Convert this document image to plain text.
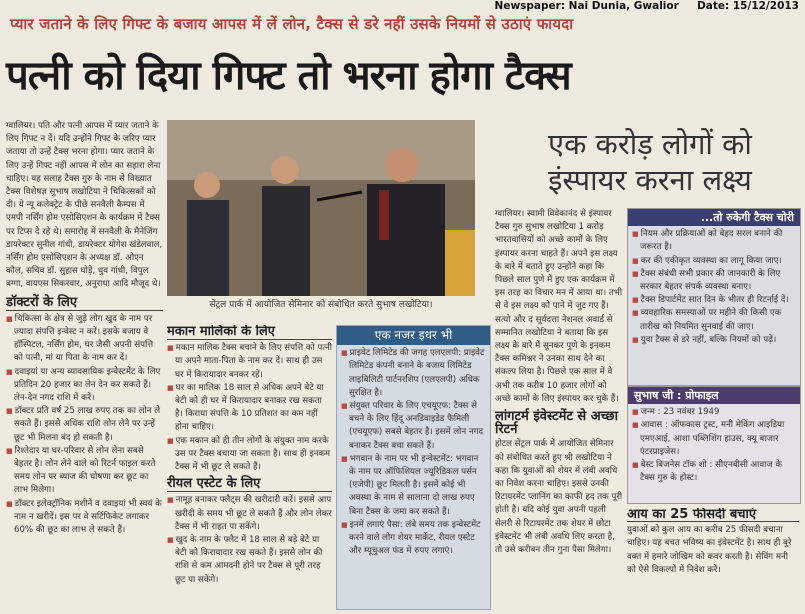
Newspaper: Nai Dunia, Gwalior Date: 15/12/2013
प्यार जताने के लिए गिफ्ट के बजाय आपस में लें लोन, टैक्स से डरे नहीं उसके नियमों से उठाएं फायदा
पत्नी को दिया गिफ्ट तो भरना होगा टैक्स

ग्वालियर। पति और पत्नी आपस में प्यार जताने के लिए गिफ्ट न दें। यदि उन्होंने गिफ्ट के जरिए प्यार जताया तो उन्हें टैक्स भरना होगा। प्यार जताने के लिए उन्हें गिफ्ट नहीं आपस में लोन का सहारा लेना चाहिए। यह सलाह टैक्स गुरु के नाम से विख्यात टैक्स विशेषज्ञ सुभाष लखोटिया ने चिकित्सकों को दी। ये न्यू कलेक्ट्रेट के पीछे सनवैली कैम्पस में एमपी नर्सिंग होम एसोसिएशन के कार्यक्रम में टैक्स पर टिप्स दे रहे थे। समारोह में सनवैली के मैनेजिंग डायरेक्टर सुनील गांधी, डायरेक्टर योगेश खंडेलवाल, नर्सिंग होम एसोसिएशन के अध्यक्ष डॉ. ओएन कौल, सचिव डॉ. सुहास घोड़े, धुव गांधी, विपुल बग्गा, वायएस सिकरवार, अनुराधा आदि मौजूद थे।

डॉक्टरों के लिए

■ चिकित्सा के क्षेत्र से जुड़े लोग खुद के नाम पर ज्यादा संपत्ति इन्वेस्ट न करें। इसके बजाय वे हॉस्पिटल, नर्सिंग होम, घर जैसी अपनी संपत्ति को पत्नी, मां या पिता के नाम कर दें।

■ दवाइयां या अन्य व्यावसायिक इन्वेस्टमेंट के लिए प्रतिदिन 20 हजार का लेन देन कर सकते हैं। लेन-देन नगद राशि में करें।

■ डॉक्टर प्रति वर्ष 25 लाख रुपए तक का लोन ले सकते हैं। इससे अधिक राशि लोन लेने पर उन्हें छूट भी मिलना बंद हो सकती है।

■ रिश्तेदार या घर-परिवार से लोन लेना सबसे बेहतर है। लोन लेने वाले को रिटर्न फाइल करते समय लोन पर ब्याज की घोषणा कर छूट का लाभ मिलेगा।

■ डॉक्टर इलेक्ट्रॉनिक मशीनें व दवाइयां भी स्वयं के नाम न खरीदें। इस पर वे सर्टिफिकेट लगाकर 60% की छूट का लाभ ले सकते हैं।

सेंट्रल पार्क में आयोजित सेमिनार को संबोधित करते सुभाष लखोटिया।
एक करोड़ लोगों को
इंस्पायर करना लक्ष्य
मकान मालिकों के लिए

■ मकान मालिक टैक्स बचाने के लिए संपत्ति को पत्नी या अपने माता-पिता के नाम कर दें। साथ ही उस घर में किरायादार बनकर रहें।

■ घर का मालिक 18 साल से अधिक अपने बेटे या बेटी को ही घर में किरायादार बनाकर रख सकता है। किराया संपत्ति के 10 प्रतिशत का कम नहीं होना चाहिए।

■ एक मकान को ही तीन लोगों के संयुक्त नाम करके उस पर टैक्स बचाया जा सकता है। साथ ही इनकम टैक्स में भी छूट ले सकते हैं।

रीयल एस्टेट के लिए

■ नामूह बनाकर फ्लैट्स की खरीदारी करें। इससे आप खरीदी के समय भी छूट ले सकते हैं और लोन लेकर टैक्स में भी राहत पा सकेंगे।

■ खुद के नाम के फ्लैट में 18 साल से बड़े बेटे या बेटी को किरायादार रख सकते हैं। इससे लोन की राशि से कम आमदनी होने पर टैक्स से पूरी तरह छूट पा सकेंगे।

एक नजर इधर भी

■ प्राइवेट लिमिटेड की जगह एलएलपी: प्राइवेट लिमिटेड कंपनी बनाने के बजाय लिमिटेड लाइबिलिटी पार्टनरशिप (एलएलपी) अधिक सुरक्षित है।

■ संयुक्त परिवार के लिए एचयूएफ: टैक्स से बचने के लिए हिंदू अनडिवाइडेड फैमिली (एचयूएफ) सबसे बेहतर है। इसमें लोन नगद बनाकर टैक्स बचा सकते हैं।

■ भगवान के नाम पर भी इन्वेस्टमेंट: भगवान के नाम पर ऑफिशियल ज्यूरिडिकल पर्सन (एजेपी) छूट मिलती है। इसमें कोई भी अवस्था के नाम से सालाना दो लाख रुपए बिना टैक्स के जमा कर सकते हैं।

■ इनमें लगाएं पैसा: लंबे समय तक इन्वेस्टमेंट करने वाले लोग शेयर मार्केट, रीयल एस्टेट और म्यूचुअल फंड में रुपए लगाएं।

ग्वालियर। स्वामी विवेकानंद से इंस्पायर टैक्स गुरु सुभाष लखोटिया 1 करोड़ भारतवासियों को अच्छे कामों के लिए इंस्पायर करना चाहते हैं। अपने इस लक्ष्य के बारे में बताते हुए उन्होंने कहा कि पिछले साल पुणे में हुए एक कार्यक्रम में इस तरह का विचार मन में आया था। तभी से वे इस लक्ष्य को पाने में जुट गए हैं। सत्यो और द सूर्यदत्ता नेशनल अवार्ड से सम्मानित लखोटिया ने बताया कि इस लक्ष्य के बारे में सुनकर पुणे के इनकम टैक्स कमिश्नर ने उनका साथ देने का संकल्प लिया है। पिछले एक साल में वे अभी तक करीब 10 हजार लोगों को अच्छे कामों के लिए इंस्पायर कर चुके हैं।

लांगटर्म इंवेस्टमेंट से अच्छा रिटर्न

होटल सेंट्रल पार्क में आयोजित सेमिनार को संबोधित करते हुए श्री लखोटिया ने कहा कि युवाओं को शेयर में लंबी अवधि का निवेश करना चाहिए। इससे उनकी रिटायरमेंट प्लानिंग का काफी हद तक पूरी होती है। यदि कोई युवा अपनी पहली सेलरी से रिटायरमेंट तक शेयर में छोटा इंवेस्टमेंट भी लंबी अवधि लिए करता है, तो उसे करीबन तीन गुना पैसा मिलेगा।

...तो रुकेगी टैक्स चोरी

■ नियम और प्रक्रियाओं को बेहद सरल बनाने की जरूरत है।

■ कर की एकीकृत व्यवस्था का लागू किया जाए।

■ टैक्स संबंधी सभी प्रकार की जानकारी के लिए सरकार बेहतर संपर्क व्यवस्था बनाए।

■ टैक्स डिपार्टमेंट सात दिन के भीतर ही रिटर्नाई दें।

■ व्यवहारिक समस्याओं पर महीने की किसी एक तारीख को नियमित सुनवाई की जाए।

■ युवा टैक्स से डरे नहीं, बल्कि नियमों को पढ़ें।

सुभाष जी : प्रोफाइल

■ जन्म : 23 नवंबर 1949

■ आवास : ऑफकास ट्रस्ट, मनी मेकिंग आइडिया एमएआई, आशा पब्लिशिंग हाउस, क्यू बाजार एंटरप्राइजेस।

■ बेस्ट बिजनेस टॉक शो : सीएनबीसी आवाज के टैक्स गुरु के होस्ट।

आय का 25 फीसदी बचाएं

युवाओं को कुल आय का करीब 25 फीसदी बचाना चाहिए। यह बचत भविष्य का इंवेस्टमेंट है। साथ ही बुरे वक्त में हमारे जोखिम को कवर करती है। सेविंग मनी को ऐसे विकल्पों में निवेश करें।
